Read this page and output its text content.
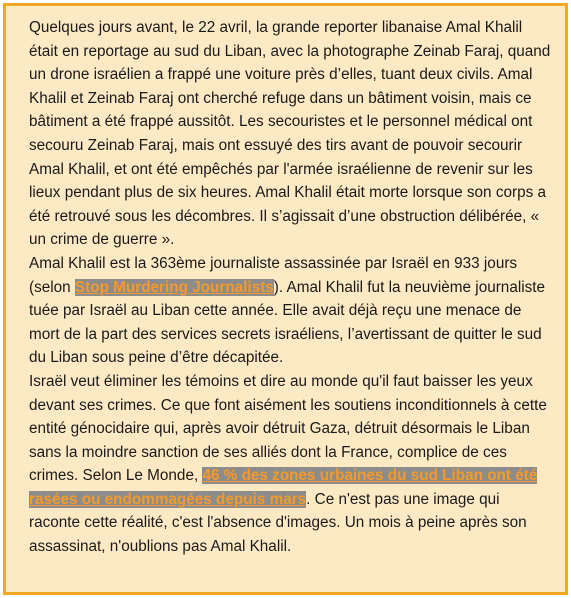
Quelques jours avant, le 22 avril, la grande reporter libanaise Amal Khalil était en reportage au sud du Liban, avec la photographe Zeinab Faraj, quand un drone israélien a frappé une voiture près d’elles, tuant deux civils. Amal Khalil et Zeinab Faraj ont cherché refuge dans un bâtiment voisin, mais ce bâtiment a été frappé aussitôt. Les secouristes et le personnel médical ont secouru Zeinab Faraj, mais ont essuyé des tirs avant de pouvoir secourir Amal Khalil, et ont été empêchés par l'armée israélienne de revenir sur les lieux pendant plus de six heures. Amal Khalil était morte lorsque son corps a été retrouvé sous les décombres. Il s’agissait d’une obstruction délibérée, « un crime de guerre ».

Amal Khalil est la 363ème journaliste assassinée par Israël en 933 jours (selon Stop Murdering Journalists). Amal Khalil fut la neuvième journaliste tuée par Israël au Liban cette année. Elle avait déjà reçu une menace de mort de la part des services secrets israéliens, l’avertissant de quitter le sud du Liban sous peine d’être décapitée.

Israël veut éliminer les témoins et dire au monde qu'il faut baisser les yeux devant ses crimes. Ce que font aisément les soutiens inconditionnels à cette entité génocidaire qui, après avoir détruit Gaza, détruit désormais le Liban sans la moindre sanction de ses alliés dont la France, complice de ces crimes. Selon Le Monde, 46 % des zones urbaines du sud Liban ont été rasées ou endommagées depuis mars. Ce n'est pas une image qui raconte cette réalité, c'est l'absence d'images. Un mois à peine après son assassinat, n'oublions pas Amal Khalil.
